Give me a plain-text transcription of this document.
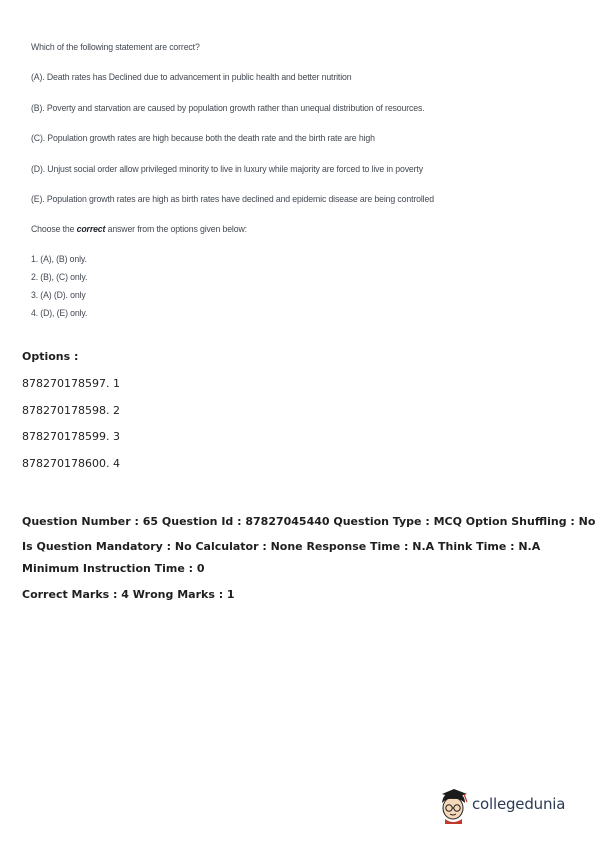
Which of the following statement are correct?
(A). Death rates has Declined due to advancement in public health and better nutrition
(B). Poverty and starvation are caused by population growth rather than unequal distribution of resources.
(C). Population growth rates are high because both the death rate and the birth rate are high
(D). Unjust social order allow privileged minority to live in luxury while majority are forced to live in poverty
(E). Population growth rates are high as birth rates have declined and epidemic disease are being controlled
Choose the correct answer from the options given below:
1. (A), (B) only.
2. (B), (C) only.
3. (A) (D). only
4. (D), (E) only.
Options :
878270178597. 1
878270178598. 2
878270178599. 3
878270178600. 4
Question Number : 65 Question Id : 87827045440 Question Type : MCQ Option Shuffling : No
Is Question Mandatory : No Calculator : None Response Time : N.A Think Time : N.A
Minimum Instruction Time : 0
Correct Marks : 4 Wrong Marks : 1
collegedunia
